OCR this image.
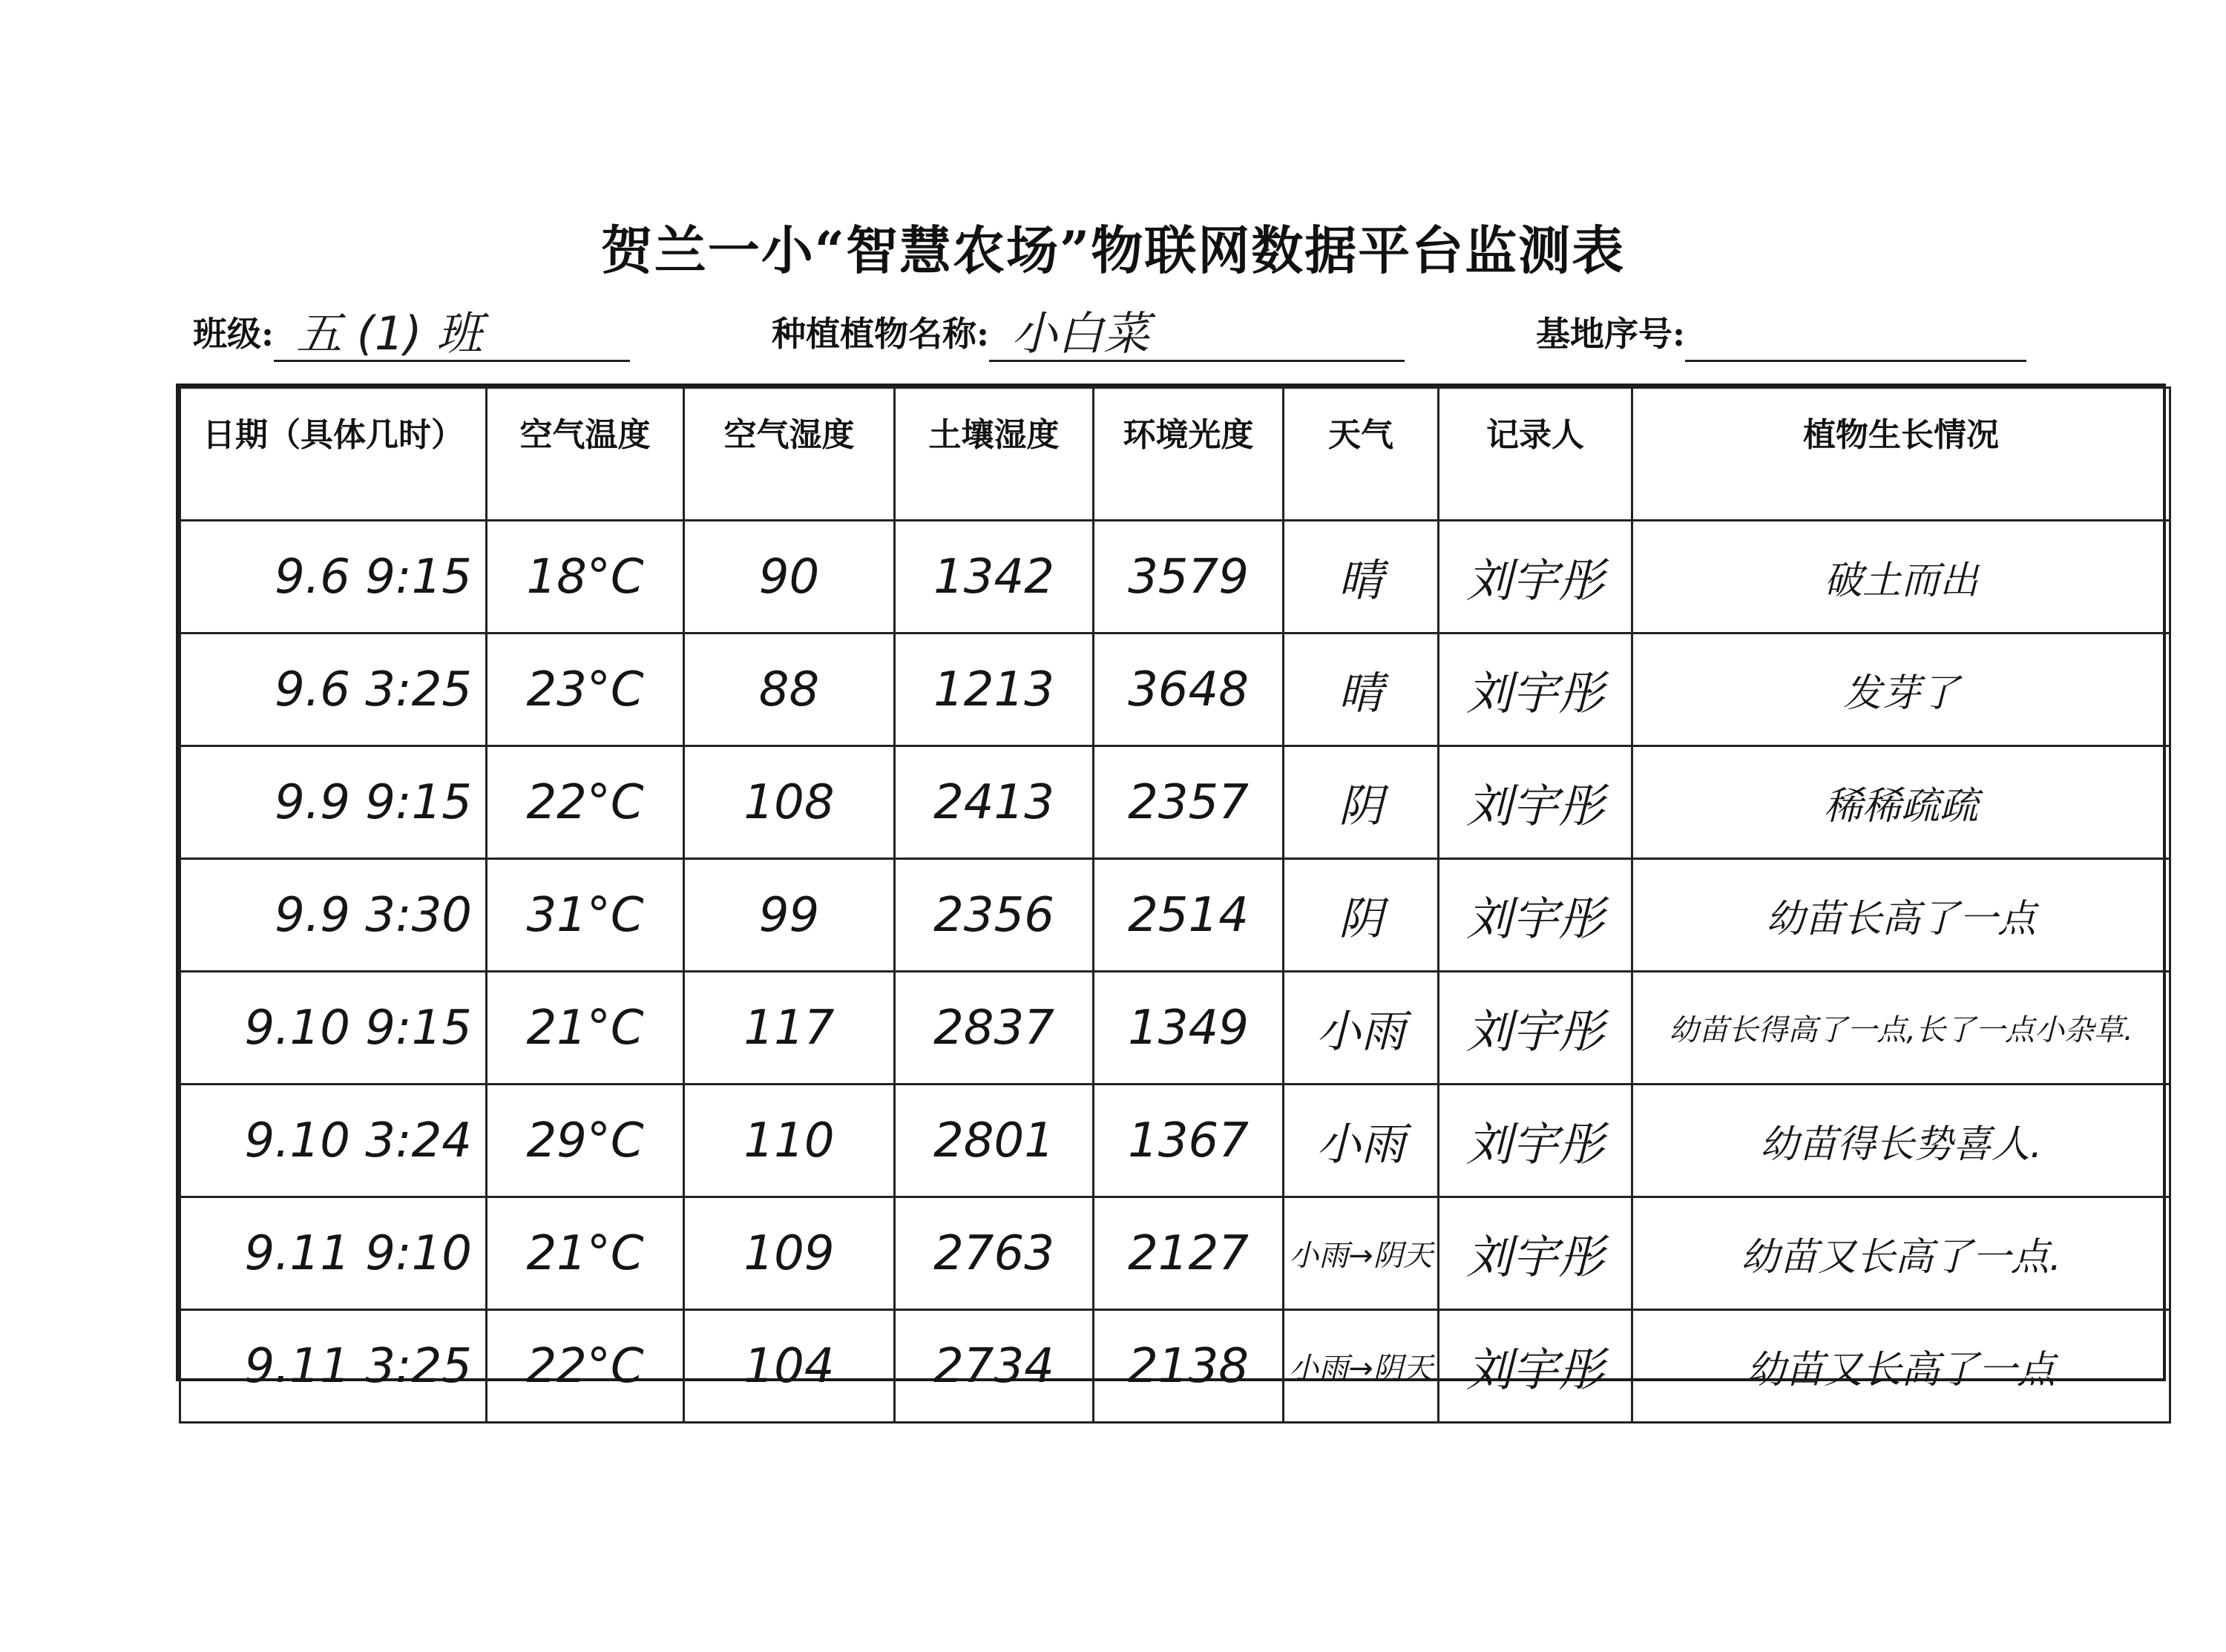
贺兰一小“智慧农场”物联网数据平台监测表
班级: 五 (1) 班	种植植物名称: 小白菜	基地序号:
日期（具体几时）	空气温度	空气湿度	土壤湿度	环境光度	天气	记录人	植物生长情况
9.6 9:15	18°C	90	1342	3579	晴	刘宇彤	破土而出
9.6 3:25	23°C	88	1213	3648	晴	刘宇彤	发芽了
9.9 9:15	22°C	108	2413	2357	阴	刘宇彤	稀稀疏疏
9.9 3:30	31°C	99	2356	2514	阴	刘宇彤	幼苗长高了一点
9.10 9:15	21°C	117	2837	1349	小雨	刘宇彤	幼苗长得高了一点,长了一点小杂草.
9.10 3:24	29°C	110	2801	1367	小雨	刘宇彤	幼苗得长势喜人.
9.11 9:10	21°C	109	2763	2127	小雨→阴天	刘宇彤	幼苗又长高了一点.
9.11 3:25	22°C	104	2734	2138	小雨→阴天	刘宇彤	幼苗又长高了一点
